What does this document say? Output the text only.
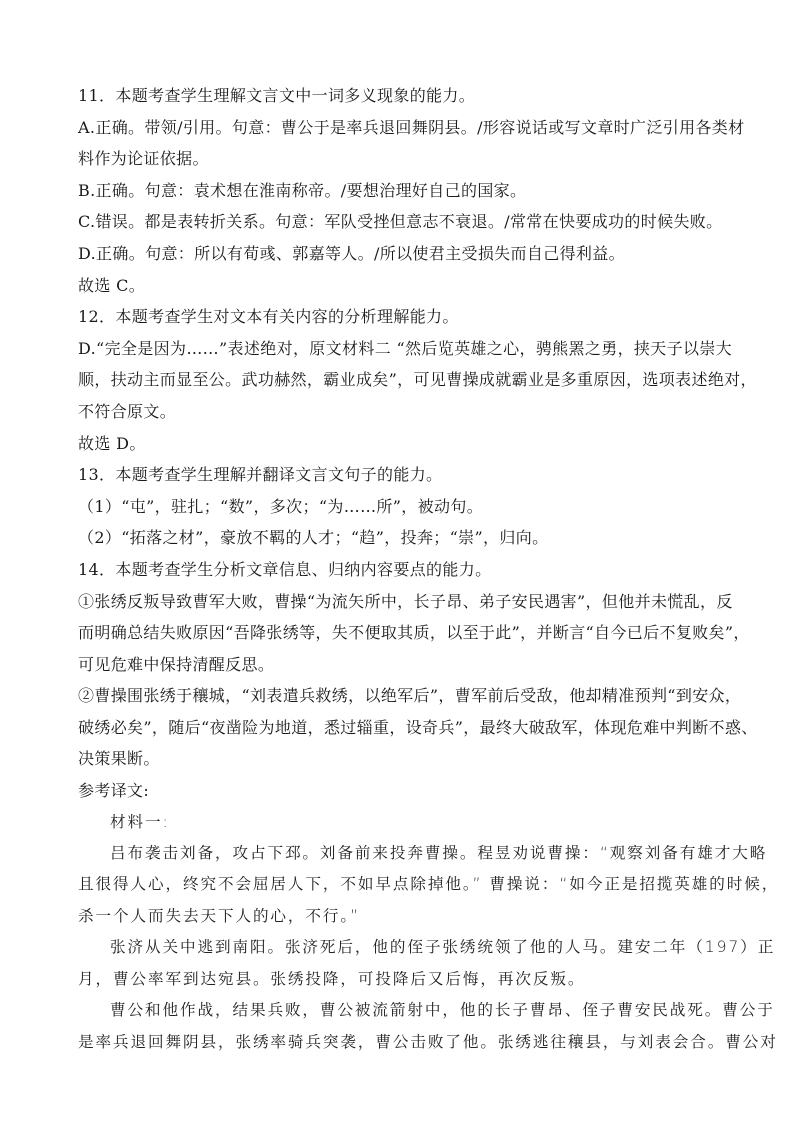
11．本题考查学生理解文言文中一词多义现象的能力。
A.正确。带领/引用。句意：曹公于是率兵退回舞阴县。/形容说话或写文章时广泛引用各类材
料作为论证依据。
B.正确。句意：袁术想在淮南称帝。/要想治理好自己的国家。
C.错误。都是表转折关系。句意：军队受挫但意志不衰退。/常常在快要成功的时候失败。
D.正确。句意：所以有荀彧、郭嘉等人。/所以使君主受损失而自己得利益。
故选 C。
12．本题考查学生对文本有关内容的分析理解能力。
D.“完全是因为……”表述绝对，原文材料二 “然后览英雄之心，骋熊罴之勇，挟天子以崇大
顺，扶动主而显至公。武功赫然，霸业成矣”，可见曹操成就霸业是多重原因，选项表述绝对，
不符合原文。
故选 D。
13．本题考查学生理解并翻译文言文句子的能力。
（1）“屯”，驻扎；“数”，多次；“为……所”，被动句。
（2）“拓落之材”，豪放不羁的人才；“趋”，投奔；“崇”，归向。
14．本题考查学生分析文章信息、归纳内容要点的能力。
①张绣反叛导致曹军大败，曹操“为流矢所中，长子昂、弟子安民遇害”，但他并未慌乱，反
而明确总结失败原因“吾降张绣等，失不便取其质，以至于此”，并断言“自今已后不复败矣”，
可见危难中保持清醒反思。
②曹操围张绣于穰城，“刘表遣兵救绣，以绝军后”，曹军前后受敌，他却精准预判“到安众，
破绣必矣”，随后“夜凿险为地道，悉过辎重，设奇兵”，最终大破敌军，体现危难中判断不惑、
决策果断。
参考译文:
材料一:
吕布袭击刘备，攻占下邳。刘备前来投奔曹操。程昱劝说曹操：“观察刘备有雄才大略
且很得人心，终究不会屈居人下，不如早点除掉他。” 曹操说：“如今正是招揽英雄的时候，
杀一个人而失去天下人的心，不行。”
张济从关中逃到南阳。张济死后，他的侄子张绣统领了他的人马。建安二年（197）正
月，曹公率军到达宛县。张绣投降，可投降后又后悔，再次反叛。
曹公和他作战，结果兵败，曹公被流箭射中，他的长子曹昂、侄子曹安民战死。曹公于
是率兵退回舞阴县，张绣率骑兵突袭，曹公击败了他。张绣逃往穰县，与刘表会合。曹公对
